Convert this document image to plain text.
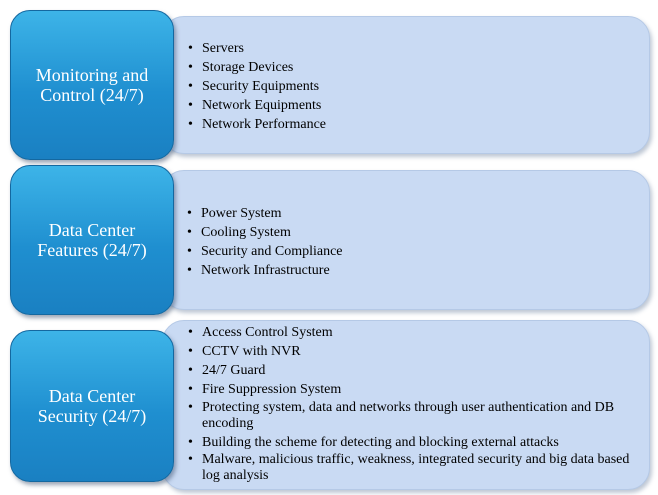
• Servers
• Storage Devices
• Security Equipments
• Network Equipments
• Network Performance
Monitoring and
Control (24/7)
• Power System
• Cooling System
• Security and Compliance
• Network Infrastructure
Data Center
Features (24/7)
• Access Control System
• CCTV with NVR
• 24/7 Guard
• Fire Suppression System
• Protecting system, data and networks through user authentication and DB encoding
• Building the scheme for detecting and blocking external attacks
• Malware, malicious traffic, weakness, integrated security and big data based log analysis
Data Center
Security (24/7)
